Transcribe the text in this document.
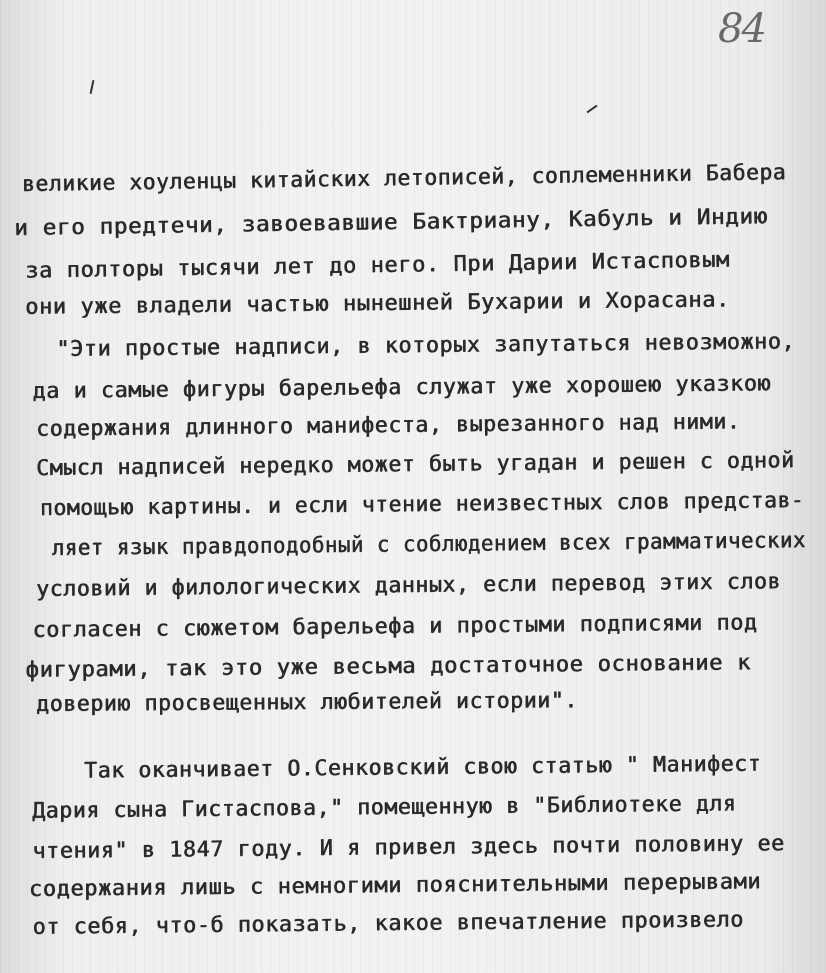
84
великие хоуленцы китайских летописей, соплеменники Бабера
и его предтечи, завоевавшие Бактриану, Кабуль и Индию
за полторы тысячи лет до него. При Дарии Истасповым
они уже владели частью нынешней Бухарии и Хорасана.
"Эти простые надписи, в которых запутаться невозможно,
да и самые фигуры барельефа служат уже хорошею указкою
содержания длинного манифеста, вырезанного над ними.
Смысл надписей нередко может быть угадан и решен с одной
помощью картины. и если чтение неизвестных слов представ-
ляет язык правдоподобный с соблюдением всех грамматических
условий и филологических данных, если перевод этих слов
согласен с сюжетом барельефа и простыми подписями под
фигурами, так это уже весьма достаточное основание к
доверию просвещенных любителей истории".
Так оканчивает О.Сенковский свою статью " Манифест
Дария сына Гистаспова," помещенную в "Библиотеке для
чтения" в 1847 году. И я привел здесь почти половину ее
содержания лишь с немногими пояснительными перерывами
от себя, что-б показать, какое впечатление произвело
